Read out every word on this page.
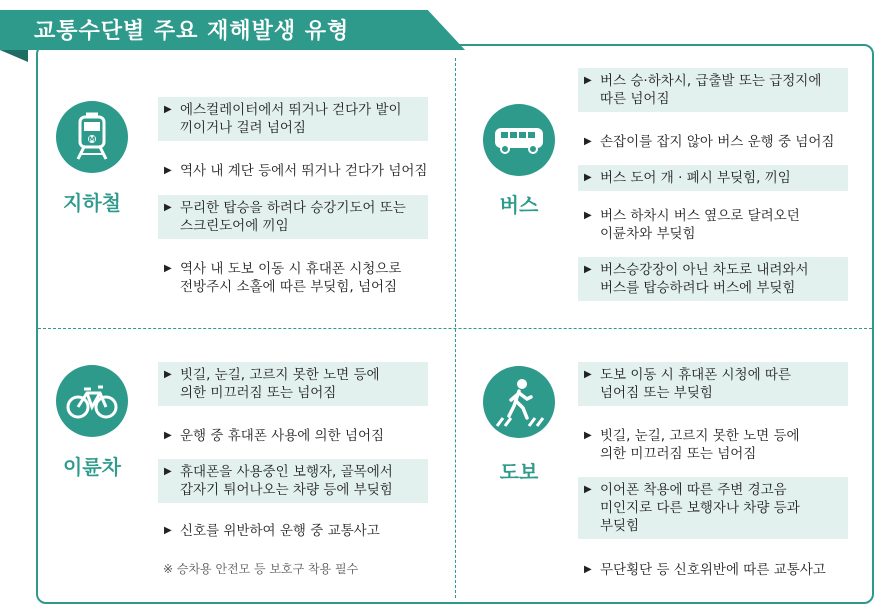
교통수단별 주요 재해발생 유형
M
지하철
▶ 에스컬레이터에서 뛰거나 걷다가 발이
끼이거나 걸려 넘어짐
▶ 역사 내 계단 등에서 뛰거나 걷다가 넘어짐
▶ 무리한 탑승을 하려다 승강기도어 또는
스크린도어에 끼임
▶ 역사 내 도보 이동 시 휴대폰 시청으로
전방주시 소홀에 따른 부딪힘, 넘어짐
버스
▶ 버스 승·하차시, 급출발 또는 급정지에
따른 넘어짐
▶ 손잡이를 잡지 않아 버스 운행 중 넘어짐
▶ 버스 도어 개 · 폐시 부딪힘, 끼임
▶ 버스 하차시 버스 옆으로 달려오던
이륜차와 부딪힘
▶ 버스승강장이 아닌 차도로 내려와서
버스를 탑승하려다 버스에 부딪힘
이륜차
▶ 빗길, 눈길, 고르지 못한 노면 등에
의한 미끄러짐 또는 넘어짐
▶ 운행 중 휴대폰 사용에 의한 넘어짐
▶ 휴대폰을 사용중인 보행자, 골목에서
갑자기 튀어나오는 차량 등에 부딪힘
▶ 신호를 위반하여 운행 중 교통사고
※ 승차용 안전모 등 보호구 착용 필수
도보
▶ 도보 이동 시 휴대폰 시청에 따른
넘어짐 또는 부딪힘
▶ 빗길, 눈길, 고르지 못한 노면 등에
의한 미끄러짐 또는 넘어짐
▶ 이어폰 착용에 따른 주변 경고음
미인지로 다른 보행자나 차량 등과
부딪힘
▶ 무단횡단 등 신호위반에 따른 교통사고
